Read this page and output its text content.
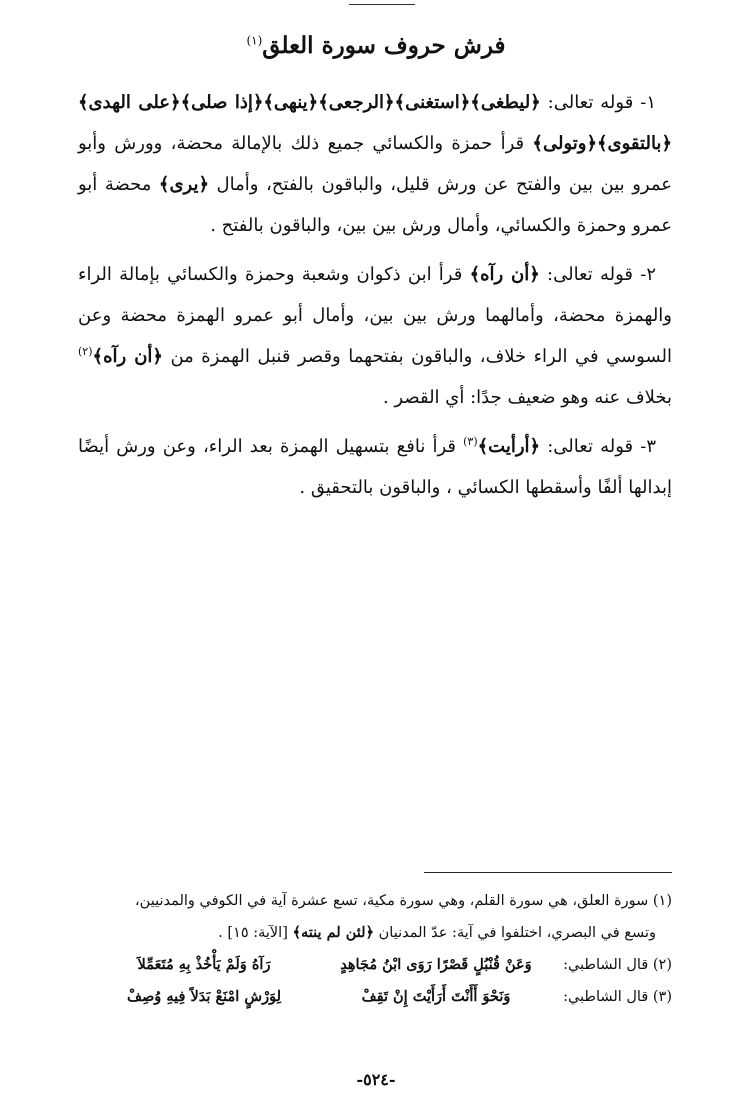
فرش حروف سورة العلق$^{(١)}$

١- قوله تعالى: ﴿ليطغى﴾﴿استغنى﴾﴿الرجعى﴾﴿ينهى﴾﴿إذا صلى﴾﴿على الهدى﴾﴿بالتقوى﴾﴿وتولى﴾ قرأ حمزة والكسائي جميع ذلك بالإمالة محضة، وورش وأبو عمرو بين بين والفتح عن ورش قليل، والباقون بالفتح، وأمال ﴿يرى﴾ محضة أبو عمرو وحمزة والكسائي، وأمال ورش بين بين، والباقون بالفتح .

٢- قوله تعالى: ﴿أن رآه﴾ قرأ ابن ذكوان وشعبة وحمزة والكسائي بإمالة الراء والهمزة محضة، وأمالهما ورش بين بين، وأمال أبو عمرو الهمزة محضة وعن السوسي في الراء خلاف، والباقون بفتحهما وقصر قنبل الهمزة من ﴿أن رآه﴾$^{(٢)}$ بخلاف عنه وهو ضعيف جدًا: أي القصر .

٣- قوله تعالى: ﴿أرأيت﴾$^{(٣)}$ قرأ نافع بتسهيل الهمزة بعد الراء، وعن ورش أيضًا إبدالها ألفًا وأسقطها الكسائي ، والباقون بالتحقيق .

(١) سورة العلق، هي سورة القلم، وهي سورة مكية، تسع عشرة آية في الكوفي والمدنيين،

وتسع في البصري، اختلفوا في آية: عدّ المدنيان ﴿لئن لم ينته﴾ [الآية: ١٥] .

(٢) قال الشاطبي:
وَعَنْ قُنْبُلٍ قَصْرًا رَوَى ابْنُ مُجَاهِدٍ
رَآهُ وَلَمْ يَأْخُذْ بِهِ مُتَعَمِّلاَ
(٣) قال الشاطبي:
وَنَحْوَ أَأَنْتَ أَرَأَيْتَ إِنْ تَقِفْ
لِوَرْشٍ امْنَعْ بَدَلاً فِيهِ وُصِفْ
-٥٢٤-
